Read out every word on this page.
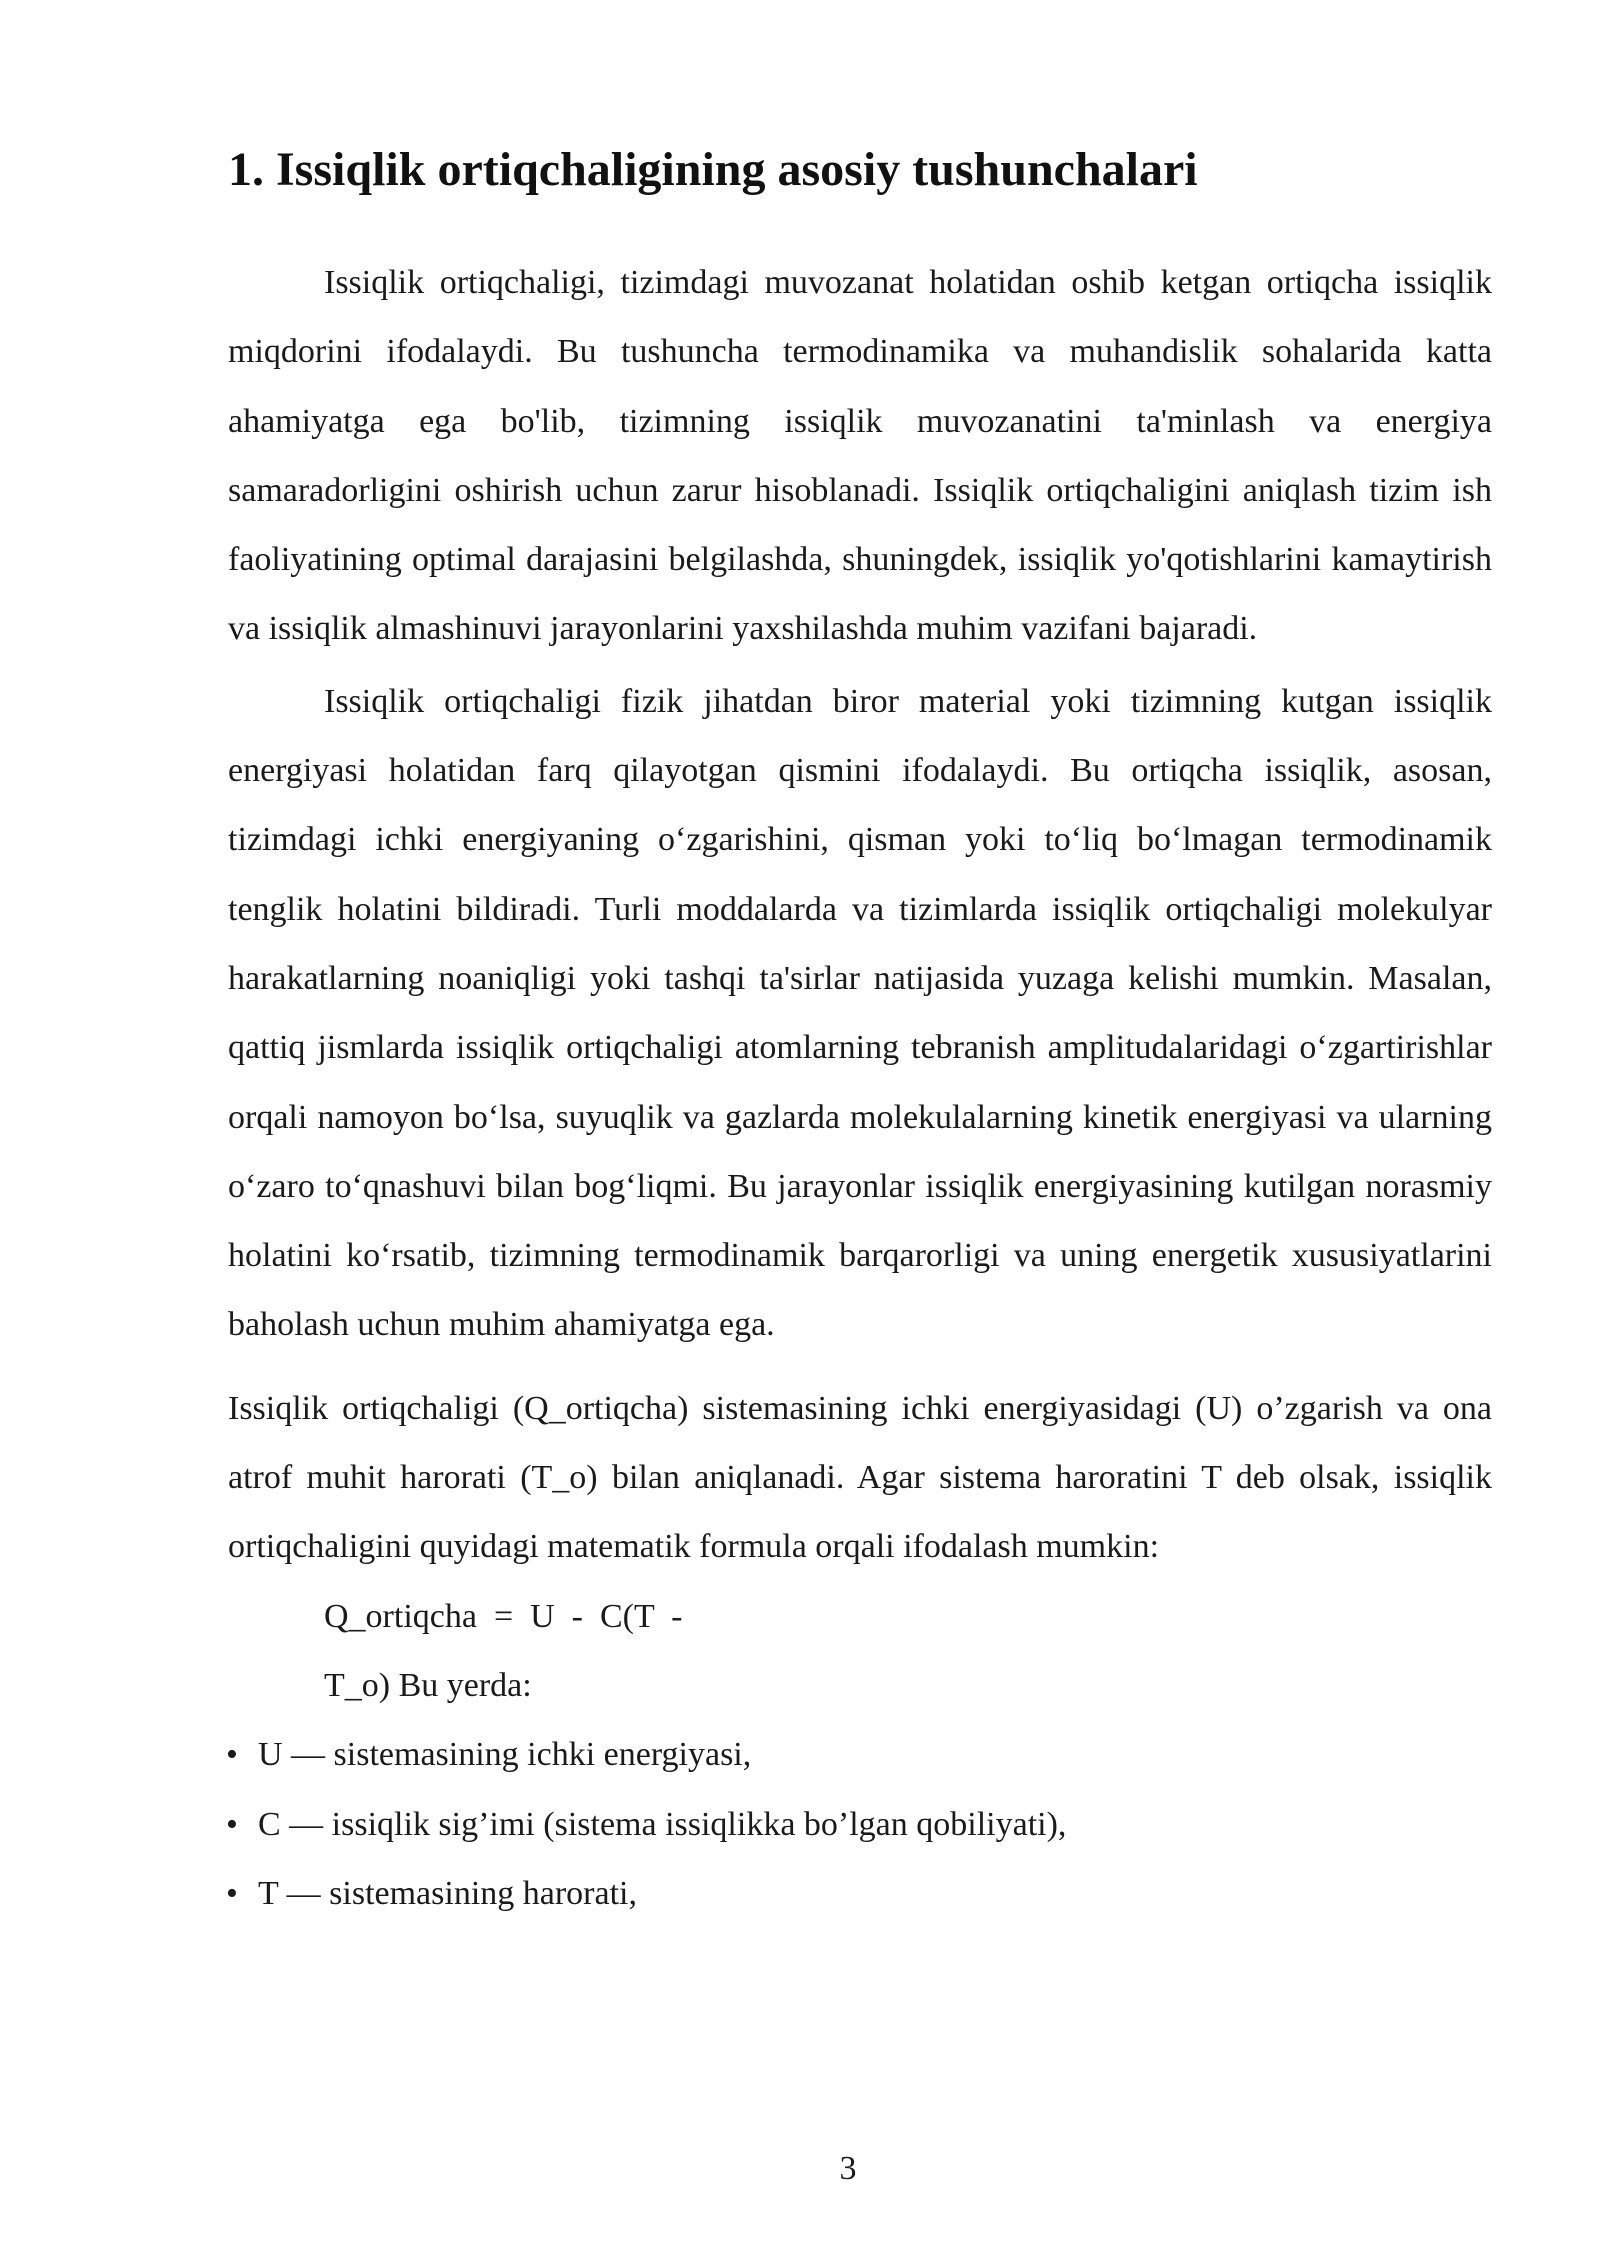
1. Issiqlik ortiqchaligining asosiy tushunchalari

Issiqlik ortiqchaligi, tizimdagi muvozanat holatidan oshib ketgan ortiqcha issiqlik miqdorini ifodalaydi. Bu tushuncha termodinamika va muhandislik sohalarida katta ahamiyatga ega bo'lib, tizimning issiqlik muvozanatini ta'minlash va energiya samaradorligini oshirish uchun zarur hisoblanadi. Issiqlik ortiqchaligini aniqlash tizim ish faoliyatining optimal darajasini belgilashda, shuningdek, issiqlik yo'qotishlarini kamaytirish va issiqlik almashinuvi jarayonlarini yaxshilashda muhim vazifani bajaradi.

Issiqlik ortiqchaligi fizik jihatdan biror material yoki tizimning kutgan issiqlik energiyasi holatidan farq qilayotgan qismini ifodalaydi. Bu ortiqcha issiqlik, asosan, tizimdagi ichki energiyaning o‘zgarishini, qisman yoki to‘liq bo‘lmagan termodinamik tenglik holatini bildiradi. Turli moddalarda va tizimlarda issiqlik ortiqchaligi molekulyar harakatlarning noaniqligi yoki tashqi ta'sirlar natijasida yuzaga kelishi mumkin. Masalan, qattiq jismlarda issiqlik ortiqchaligi atomlarning tebranish amplitudalaridagi o‘zgartirishlar orqali namoyon bo‘lsa, suyuqlik va gazlarda molekulalarning kinetik energiyasi va ularning o‘zaro to‘qnashuvi bilan bog‘liqmi. Bu jarayonlar issiqlik energiyasining kutilgan norasmiy holatini ko‘rsatib, tizimning termodinamik barqarorligi va uning energetik xususiyatlarini baholash uchun muhim ahamiyatga ega.

Issiqlik ortiqchaligi (Q_ortiqcha) sistemasining ichki energiyasidagi (U) o’zgarish va ona atrof muhit harorati (T_o) bilan aniqlanadi. Agar sistema haroratini T deb olsak, issiqlik ortiqchaligini quyidagi matematik formula orqali ifodalash mumkin:

Q_ortiqcha  =  U  -  C(T  -
T_o) Bu yerda:
• U — sistemasining ichki energiyasi,
• C — issiqlik sig’imi (sistema issiqlikka bo’lgan qobiliyati),
• T — sistemasining harorati,
3
